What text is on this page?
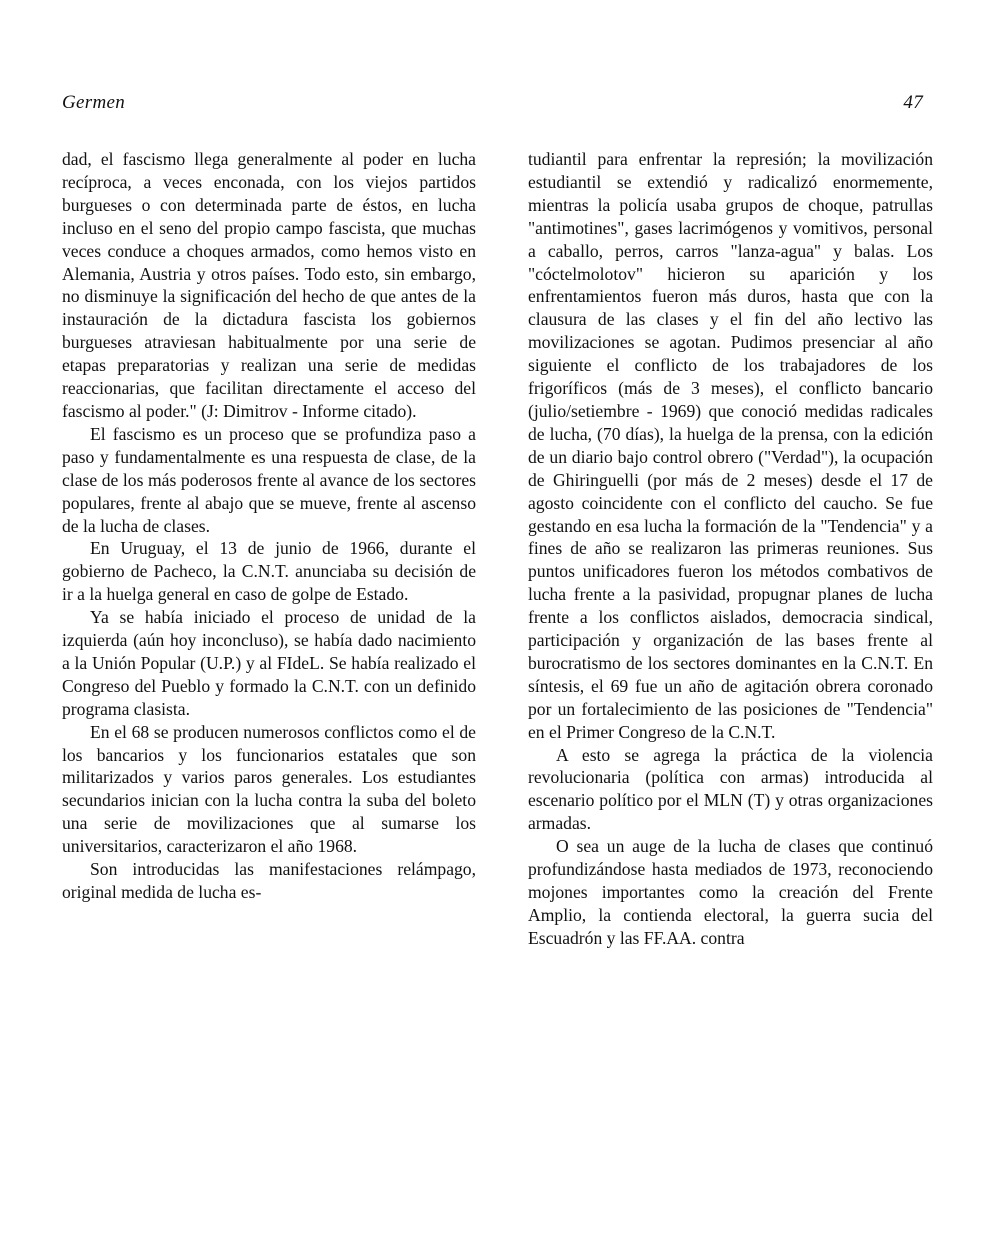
Germen	47

dad, el fascismo llega generalmente al poder en lucha recíproca, a veces enconada, con los viejos partidos burgueses o con determinada parte de éstos, en lucha incluso en el seno del propio campo fascista, que muchas veces conduce a choques armados, como hemos visto en Alemania, Austria y otros países. Todo esto, sin embargo, no disminuye la significación del hecho de que antes de la instauración de la dictadura fascista los gobiernos burgueses atraviesan habitualmente por una serie de etapas preparatorias y realizan una serie de medidas reaccionarias, que facilitan directamente el acceso del fascismo al poder." (J: Dimitrov - Informe citado).

El fascismo es un proceso que se profundiza paso a paso y fundamentalmente es una respuesta de clase, de la clase de los más poderosos frente al avance de los sectores populares, frente al abajo que se mueve, frente al ascenso de la lucha de clases.

En Uruguay, el 13 de junio de 1966, durante el gobierno de Pacheco, la C.N.T. anunciaba su decisión de ir a la huelga general en caso de golpe de Estado.

Ya se había iniciado el proceso de unidad de la izquierda (aún hoy inconcluso), se había dado nacimiento a la Unión Popular (U.P.) y al FIdeL. Se había realizado el Congreso del Pueblo y formado la C.N.T. con un definido programa clasista.

En el 68 se producen numerosos conflictos como el de los bancarios y los funcionarios estatales que son militarizados y varios paros generales. Los estudiantes secundarios inician con la lucha contra la suba del boleto una serie de movilizaciones que al sumarse los universitarios, caracterizaron el año 1968.

Son introducidas las manifestaciones relámpago, original medida de lucha es-

tudiantil para enfrentar la represión; la movilización estudiantil se extendió y radicalizó enormemente, mientras la policía usaba grupos de choque, patrullas "antimotines", gases lacrimógenos y vomitivos, personal a caballo, perros, carros "lanza-agua" y balas. Los "cóctelmolotov" hicieron su aparición y los enfrentamientos fueron más duros, hasta que con la clausura de las clases y el fin del año lectivo las movilizaciones se agotan. Pudimos presenciar al año siguiente el conflicto de los trabajadores de los frigoríficos (más de 3 meses), el conflicto bancario (julio/setiembre - 1969) que conoció medidas radicales de lucha, (70 días), la huelga de la prensa, con la edición de un diario bajo control obrero ("Verdad"), la ocupación de Ghiringuelli (por más de 2 meses) desde el 17 de agosto coincidente con el conflicto del caucho. Se fue gestando en esa lucha la formación de la "Tendencia" y a fines de año se realizaron las primeras reuniones. Sus puntos unificadores fueron los métodos combativos de lucha frente a la pasividad, propugnar planes de lucha frente a los conflictos aislados, democracia sindical, participación y organización de las bases frente al burocratismo de los sectores dominantes en la C.N.T. En síntesis, el 69 fue un año de agitación obrera coronado por un fortalecimiento de las posiciones de "Tendencia" en el Primer Congreso de la C.N.T.

A esto se agrega la práctica de la violencia revolucionaria (política con armas) introducida al escenario político por el MLN (T) y otras organizaciones armadas.

O sea un auge de la lucha de clases que continuó profundizándose hasta mediados de 1973, reconociendo mojones importantes como la creación del Frente Amplio, la contienda electoral, la guerra sucia del Escuadrón y las FF.AA. contra
